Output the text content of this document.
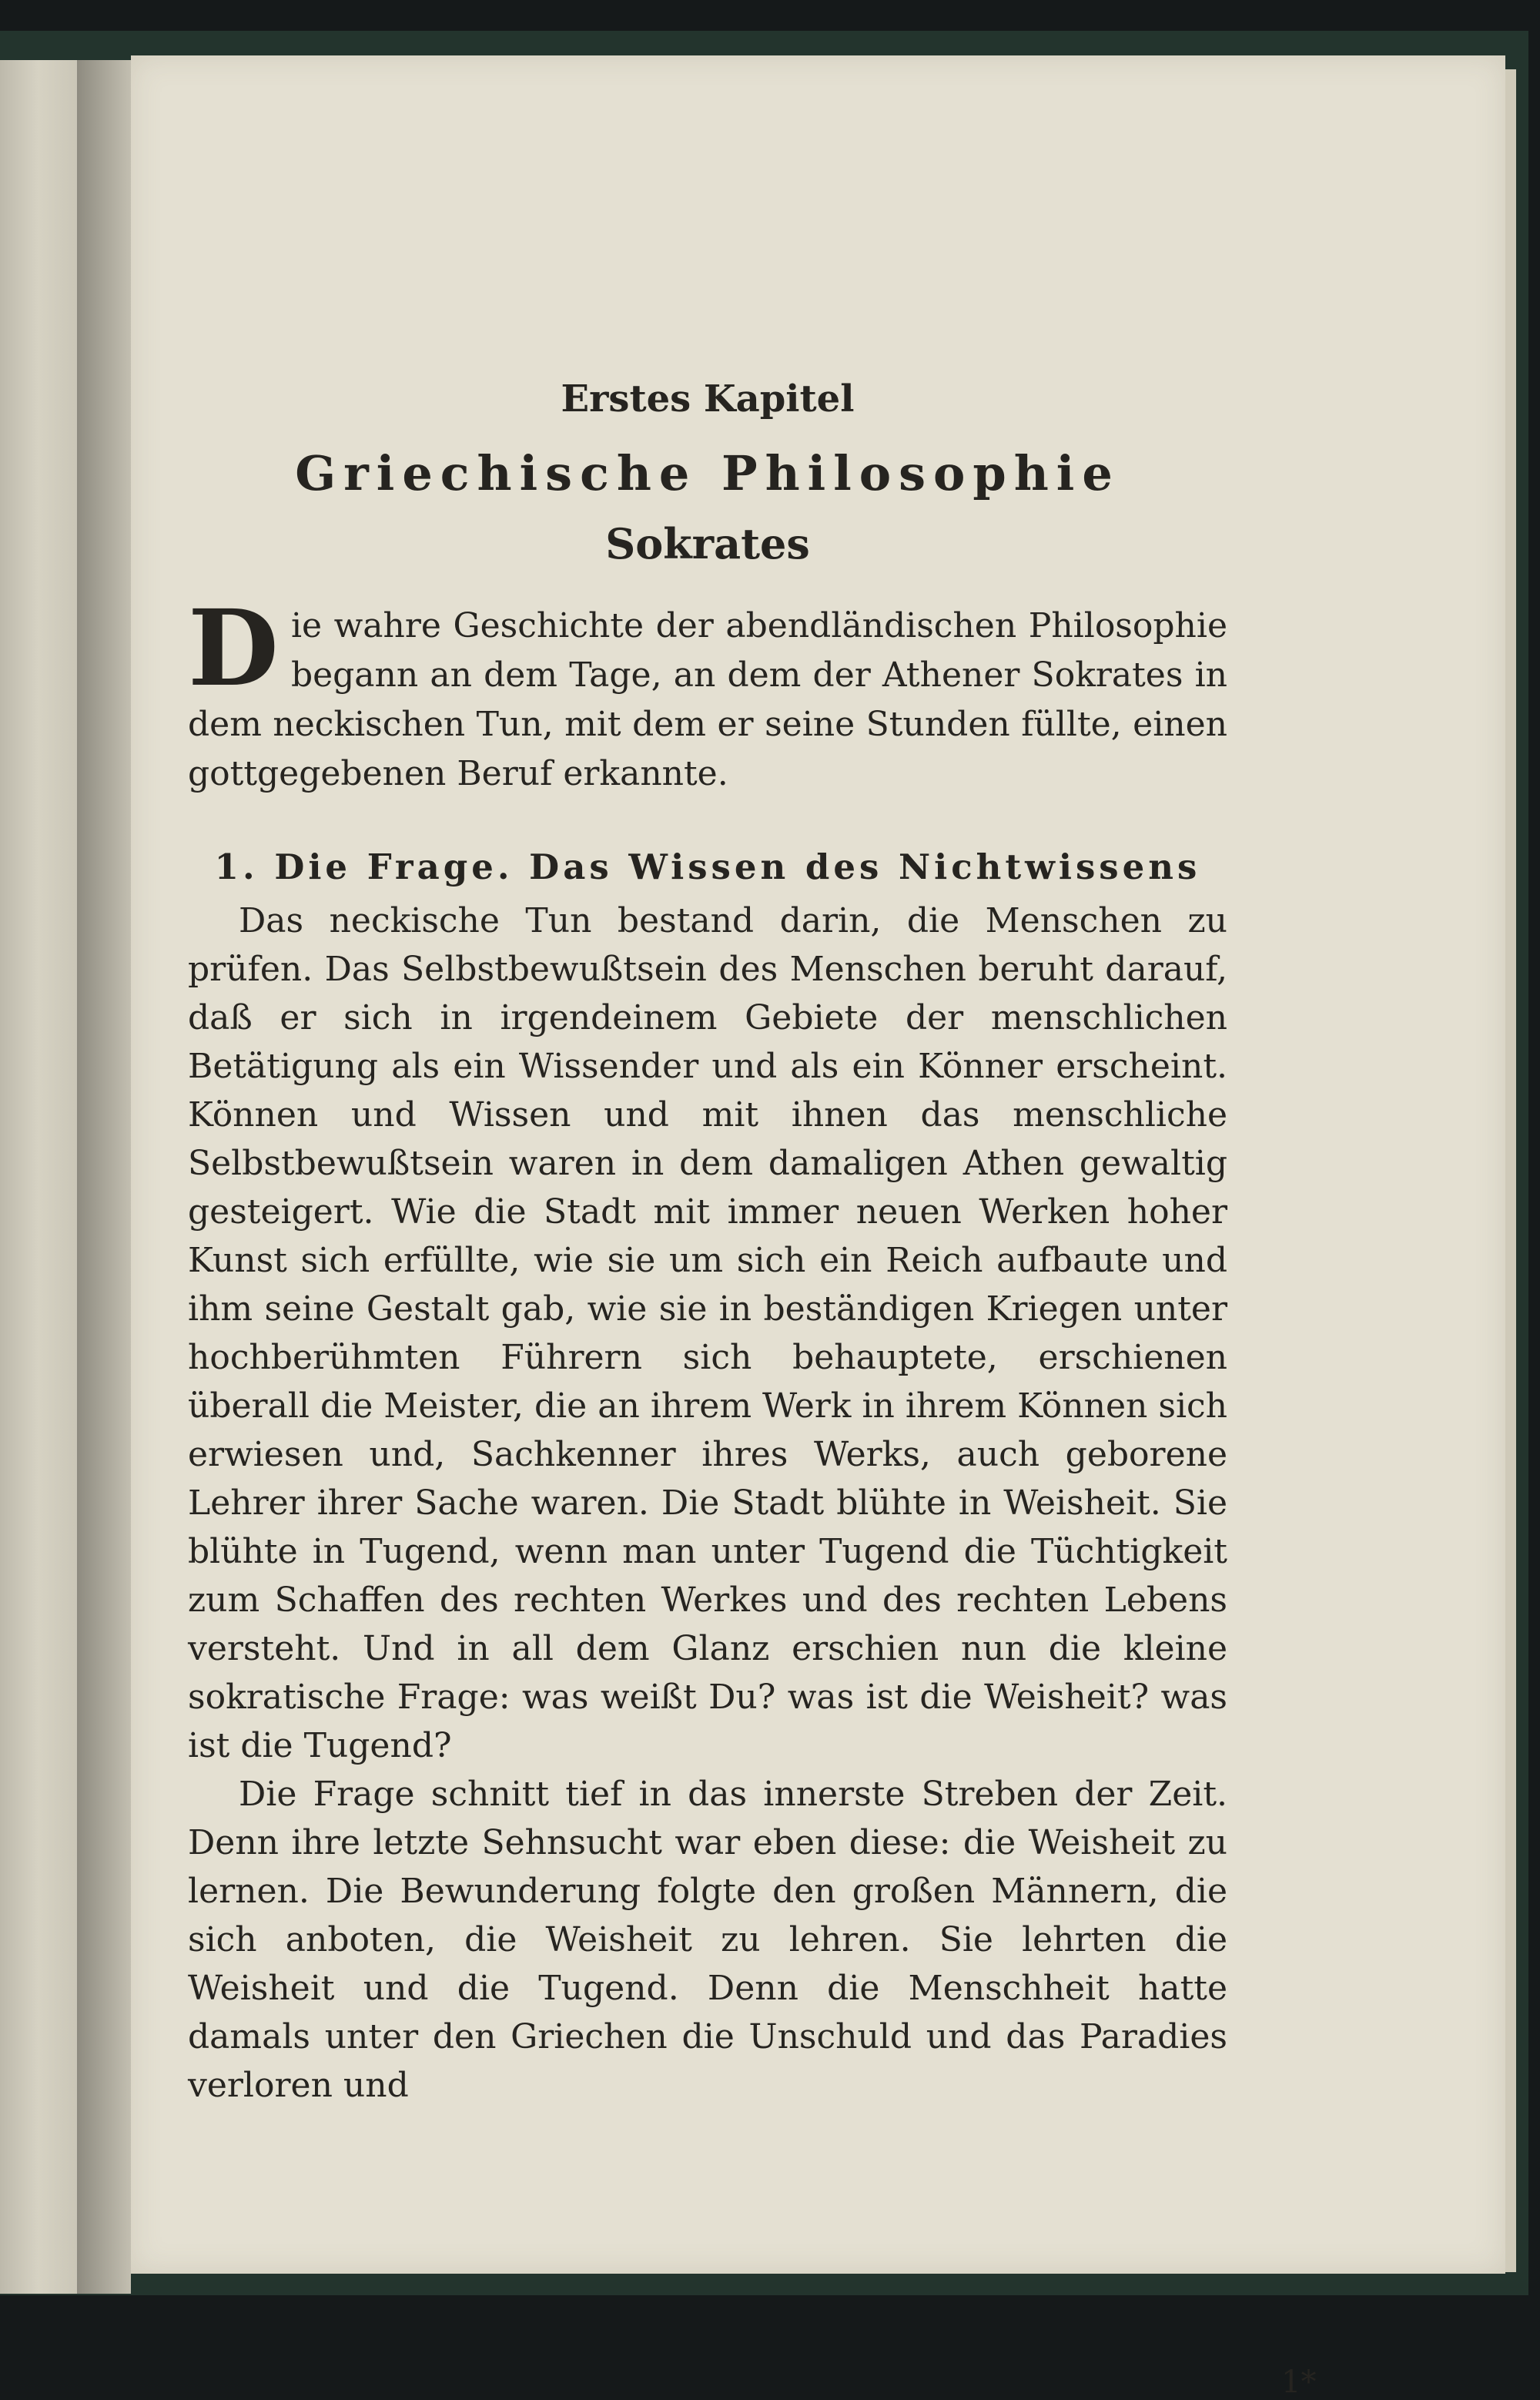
Erstes Kapitel
Griechische Philosophie
Sokrates

Die wahre Geschichte der abendländischen Philosophie begann an dem Tage, an dem der Athener Sokrates in dem neckischen Tun, mit dem er seine Stunden füllte, einen gottgegebenen Beruf erkannte.

1. Die Frage. Das Wissen des Nichtwissens

Das neckische Tun bestand darin, die Menschen zu prüfen. Das Selbstbewußtsein des Menschen beruht darauf, daß er sich in irgendeinem Gebiete der menschlichen Betätigung als ein Wissender und als ein Könner erscheint. Können und Wissen und mit ihnen das menschliche Selbstbewußtsein waren in dem damaligen Athen gewaltig gesteigert. Wie die Stadt mit immer neuen Werken hoher Kunst sich erfüllte, wie sie um sich ein Reich aufbaute und ihm seine Gestalt gab, wie sie in beständigen Kriegen unter hochberühmten Führern sich behauptete, erschienen überall die Meister, die an ihrem Werk in ihrem Können sich erwiesen und, Sachkenner ihres Werks, auch geborene Lehrer ihrer Sache waren. Die Stadt blühte in Weisheit. Sie blühte in Tugend, wenn man unter Tugend die Tüchtigkeit zum Schaffen des rechten Werkes und des rechten Lebens versteht. Und in all dem Glanz erschien nun die kleine sokratische Frage: was weißt Du? was ist die Weisheit? was ist die Tugend?

Die Frage schnitt tief in das innerste Streben der Zeit. Denn ihre letzte Sehnsucht war eben diese: die Weisheit zu lernen. Die Bewunderung folgte den großen Männern, die sich anboten, die Weisheit zu lehren. Sie lehrten die Weisheit und die Tugend. Denn die Menschheit hatte damals unter den Griechen die Unschuld und das Paradies verloren und

1*
